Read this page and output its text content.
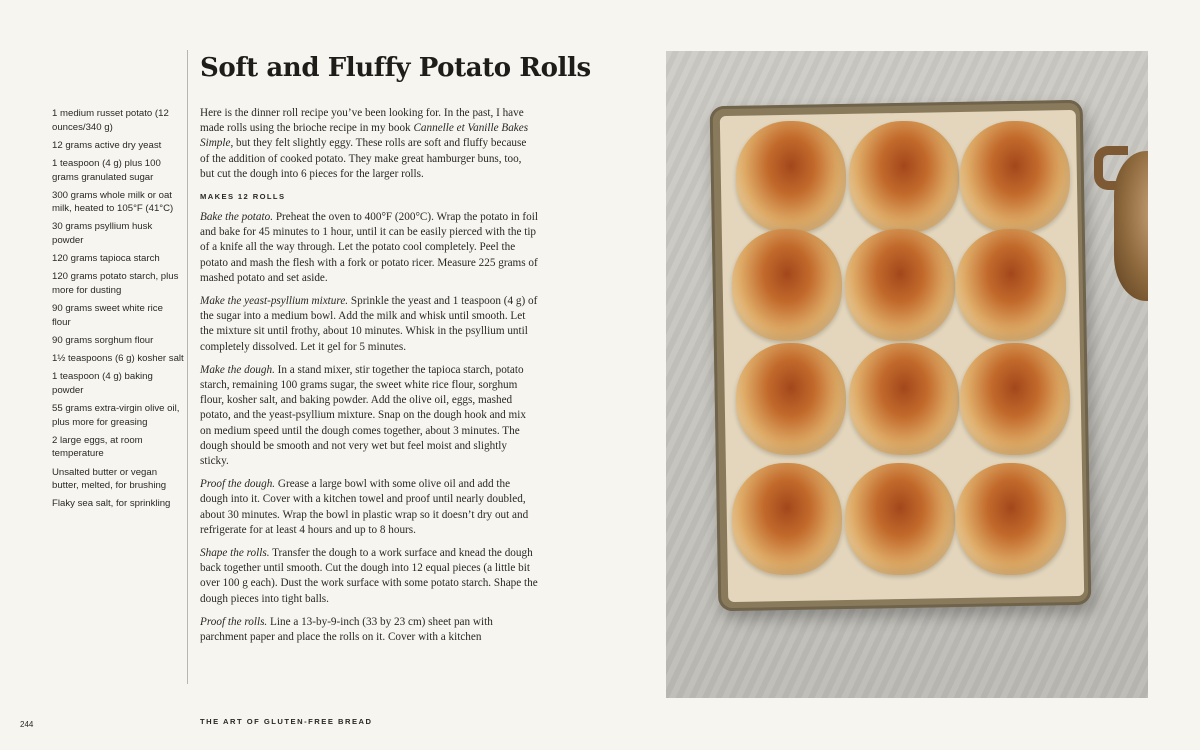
1 medium russet potato (12 ounces/340 g)
12 grams active dry yeast
1 teaspoon (4 g) plus 100 grams granulated sugar
300 grams whole milk or oat milk, heated to 105°F (41°C)
30 grams psyllium husk powder
120 grams tapioca starch
120 grams potato starch, plus more for dusting
90 grams sweet white rice flour
90 grams sorghum flour
1½ teaspoons (6 g) kosher salt
1 teaspoon (4 g) baking powder
55 grams extra-virgin olive oil, plus more for greasing
2 large eggs, at room temperature
Unsalted butter or vegan butter, melted, for brushing
Flaky sea salt, for sprinkling
Soft and Fluffy Potato Rolls

Here is the dinner roll recipe you’ve been looking for. In the past, I have made rolls using the brioche recipe in my book Cannelle et Vanille Bakes Simple, but they felt slightly eggy. These rolls are soft and fluffy because of the addition of cooked potato. They make great hamburger buns, too, but cut the dough into 6 pieces for the larger rolls.

MAKES 12 ROLLS

Bake the potato. Preheat the oven to 400°F (200°C). Wrap the potato in foil and bake for 45 minutes to 1 hour, until it can be easily pierced with the tip of a knife all the way through. Let the potato cool completely. Peel the potato and mash the flesh with a fork or potato ricer. Measure 225 grams of mashed potato and set aside.

Make the yeast-psyllium mixture. Sprinkle the yeast and 1 teaspoon (4 g) of the sugar into a medium bowl. Add the milk and whisk until smooth. Let the mixture sit until frothy, about 10 minutes. Whisk in the psyllium until completely dissolved. Let it gel for 5 minutes.

Make the dough. In a stand mixer, stir together the tapioca starch, potato starch, remaining 100 grams sugar, the sweet white rice flour, sorghum flour, kosher salt, and baking powder. Add the olive oil, eggs, mashed potato, and the yeast-psyllium mixture. Snap on the dough hook and mix on medium speed until the dough comes together, about 3 minutes. The dough should be smooth and not very wet but feel moist and slightly sticky.

Proof the dough. Grease a large bowl with some olive oil and add the dough into it. Cover with a kitchen towel and proof until nearly doubled, about 30 minutes. Wrap the bowl in plastic wrap so it doesn’t dry out and refrigerate for at least 4 hours and up to 8 hours.

Shape the rolls. Transfer the dough to a work surface and knead the dough back together until smooth. Cut the dough into 12 equal pieces (a little bit over 100 g each). Dust the work surface with some potato starch. Shape the dough pieces into tight balls.

Proof the rolls. Line a 13-by-9-inch (33 by 23 cm) sheet pan with parchment paper and place the rolls on it. Cover with a kitchen

244	THE ART OF GLUTEN-FREE BREAD
